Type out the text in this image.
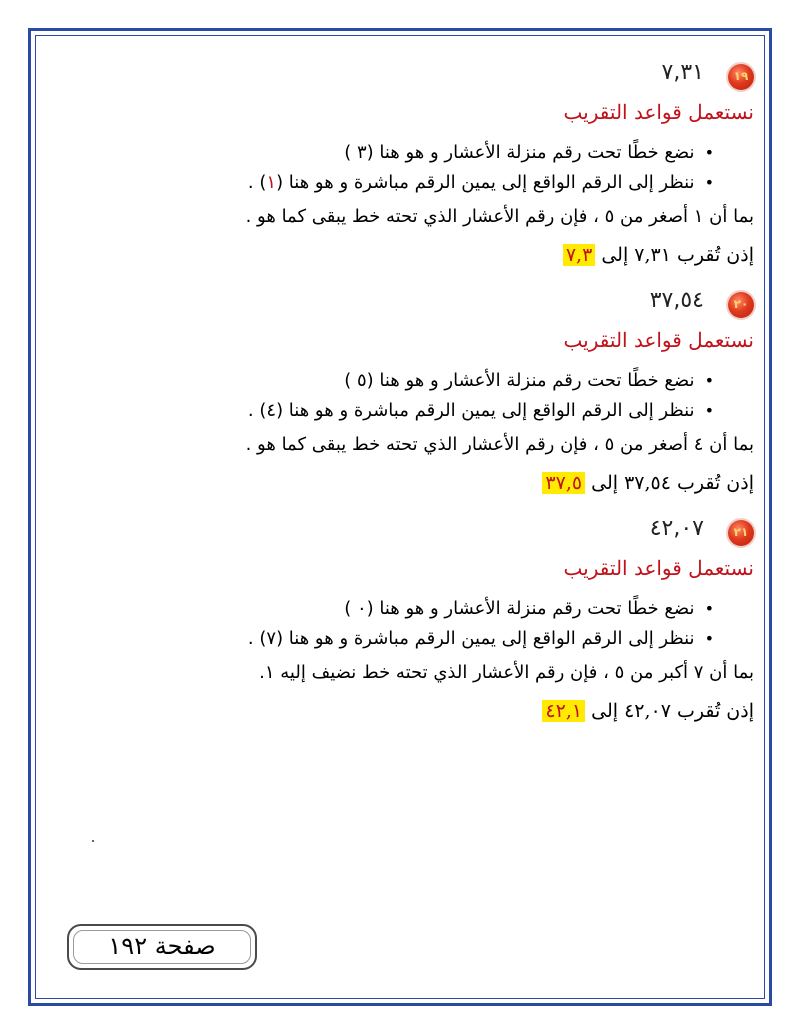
١٩
٧,٣١
نستعمل قواعد التقريب
• نضع خطًا تحت رقم منزلة الأعشار و هو هنا (٣ )
• ننظر إلى الرقم الواقع إلى يمين الرقم مباشرة و هو هنا (١) .
بما أن ١ أصغر من ٥ ، فإن رقم الأعشار الذي تحته خط يبقى كما هو .
إذن تُقرب ٧,٣١ إلى ٧,٣
٢٠
٣٧,٥٤
نستعمل قواعد التقريب
• نضع خطًا تحت رقم منزلة الأعشار و هو هنا (٥ )
• ننظر إلى الرقم الواقع إلى يمين الرقم مباشرة و هو هنا (٤) .
بما أن ٤ أصغر من ٥ ، فإن رقم الأعشار الذي تحته خط يبقى كما هو .
إذن تُقرب ٣٧,٥٤ إلى ٣٧,٥
٢١
٤٢,٠٧
نستعمل قواعد التقريب
• نضع خطًا تحت رقم منزلة الأعشار و هو هنا (٠ )
• ننظر إلى الرقم الواقع إلى يمين الرقم مباشرة و هو هنا (٧) .
بما أن ٧ أكبر من ٥ ، فإن رقم الأعشار الذي تحته خط نضيف إليه ١.
إذن تُقرب ٤٢,٠٧ إلى ٤٢,١
صفحة ١٩٢
